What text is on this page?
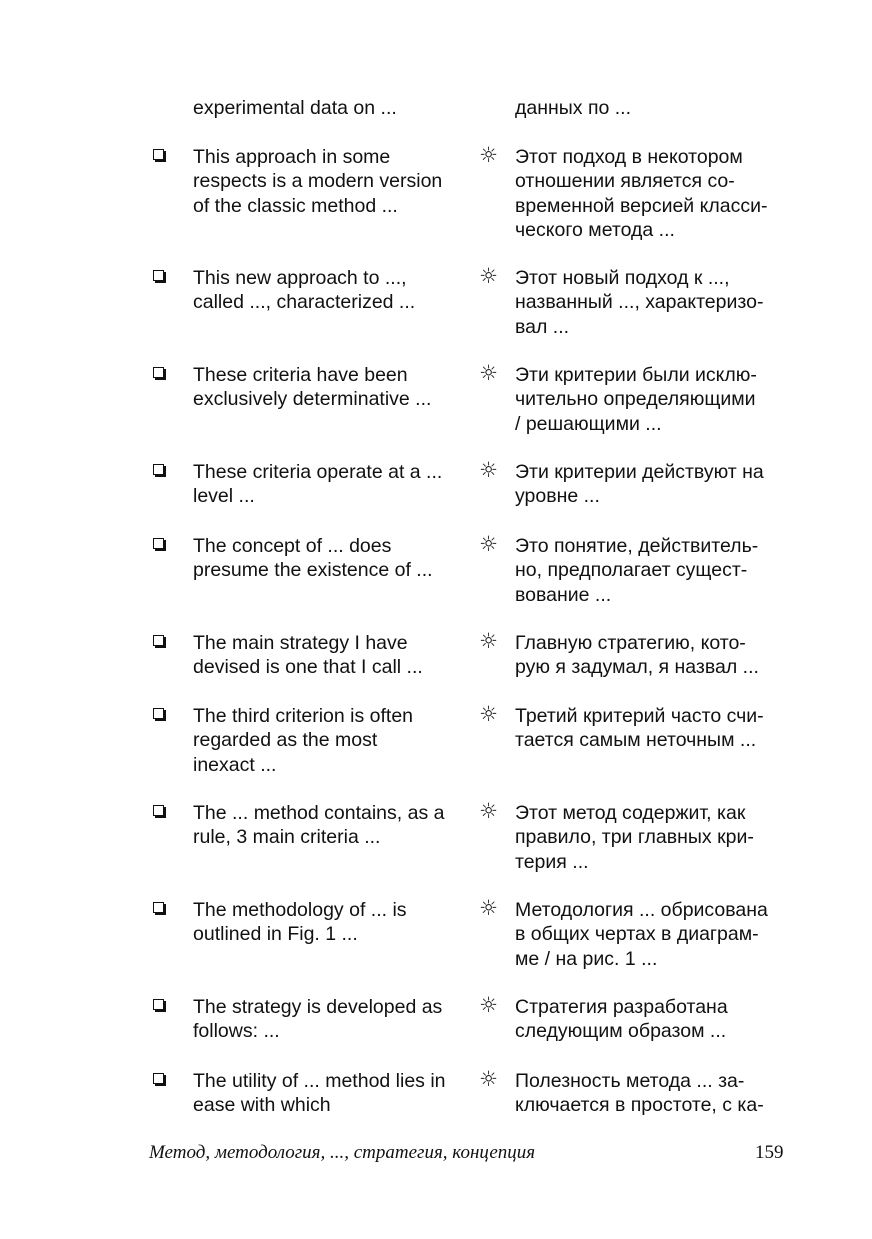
experimental data on ...	данных по ...
This approach in some
respects is a modern version
of the classic method ...
☼ Этот подход в некотором
отношении является со-
временной версией класси-
ческого метода ...
This new approach to ...,
called ..., characterized ...
☼ Этот новый подход к ...,
названный ..., характеризо-
вал ...
These criteria have been
exclusively determinative ...
☼ Эти критерии были исклю-
чительно определяющими
/ решающими ...
These criteria operate at a ...
level ...
☼ Эти критерии действуют на
уровне ...
The concept of ... does
presume the existence of ...
☼ Это понятие, действитель-
но, предполагает сущест-
вование ...
The main strategy I have
devised is one that I call ...
☼ Главную стратегию, кото-
рую я задумал, я назвал ...
The third criterion is often
regarded as the most
inexact ...
☼ Третий критерий часто счи-
тается самым неточным ...
The ... method contains, as a
rule, 3 main criteria ...
☼ Этот метод содержит, как
правило, три главных кри-
терия ...
The methodology of ... is
outlined in Fig. 1 ...
☼ Методология ... обрисована
в общих чертах в диаграм-
ме / на рис. 1 ...
The strategy is developed as
follows: ...
☼ Стратегия разработана
следующим образом ...
The utility of ... method lies in
ease with which
☼ Полезность метода ... за-
ключается в простоте, с ка-
Метод, методология, ..., стратегия, концепция	159
